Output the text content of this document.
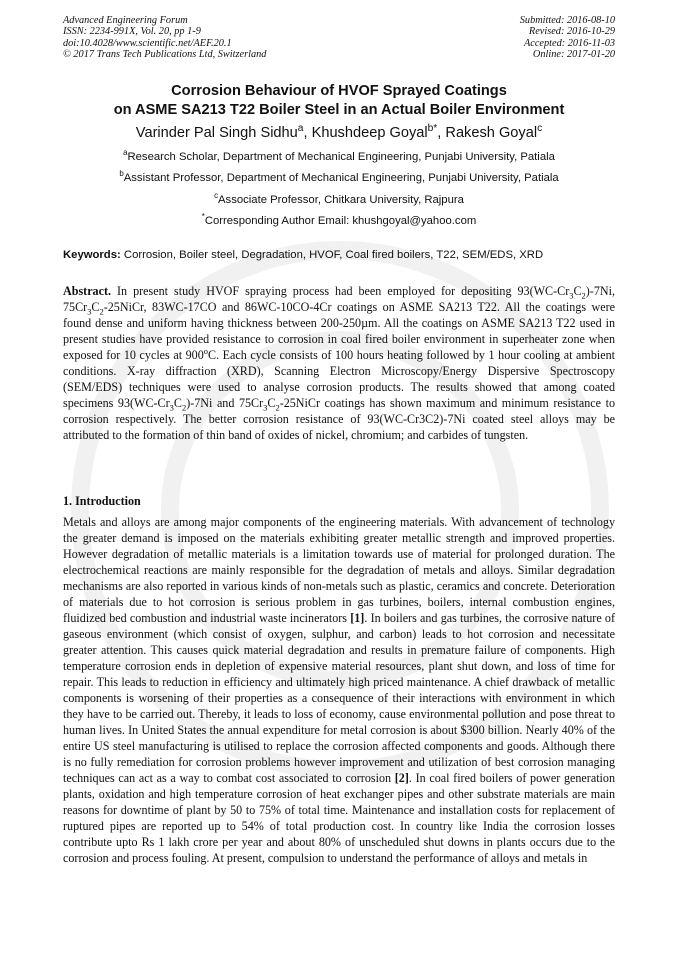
Advanced Engineering Forum
ISSN: 2234-991X, Vol. 20, pp 1-9
doi:10.4028/www.scientific.net/AEF.20.1
© 2017 Trans Tech Publications Ltd, Switzerland
Submitted: 2016-08-10
Revised: 2016-10-29
Accepted: 2016-11-03
Online: 2017-01-20
Corrosion Behaviour of HVOF Sprayed Coatings
on ASME SA213 T22 Boiler Steel in an Actual Boiler Environment
Varinder Pal Singh Sidhu$^a$, Khushdeep Goyal$^{b*}$, Rakesh Goyal$^c$
$^a$Research Scholar, Department of Mechanical Engineering, Punjabi University, Patiala
$^b$Assistant Professor, Department of Mechanical Engineering, Punjabi University, Patiala
$^c$Associate Professor, Chitkara University, Rajpura
*Corresponding Author Email: khushgoyal@yahoo.com
Keywords: Corrosion, Boiler steel, Degradation, HVOF, Coal fired boilers, T22, SEM/EDS, XRD

Abstract. In present study HVOF spraying process had been employed for depositing $93(WC-Cr_3C_2)-7Ni$, $75Cr_3C_2-25NiCr$, 83WC-17CO and 86WC-10CO-4Cr coatings on ASME SA213 T22. All the coatings were found dense and uniform having thickness between 200-250µm. All the coatings on ASME SA213 T22 used in present studies have provided resistance to corrosion in coal fired boiler environment in superheater zone when exposed for 10 cycles at 900$^o$C. Each cycle consists of 100 hours heating followed by 1 hour cooling at ambient conditions. X-ray diffraction (XRD), Scanning Electron Microscopy/Energy Dispersive Spectroscopy (SEM/EDS) techniques were used to analyse corrosion products. The results showed that among coated specimens $93(WC-Cr_3C_2)-7Ni$ and $75Cr_3C_2-25NiCr$ coatings has shown maximum and minimum resistance to corrosion respectively. The better corrosion resistance of 93(WC-Cr3C2)-7Ni coated steel alloys may be attributed to the formation of thin band of oxides of nickel, chromium; and carbides of tungsten.

1. Introduction

Metals and alloys are among major components of the engineering materials. With advancement of technology the greater demand is imposed on the materials exhibiting greater metallic strength and improved properties. However degradation of metallic materials is a limitation towards use of material for prolonged duration. The electrochemical reactions are mainly responsible for the degradation of metals and alloys. Similar degradation mechanisms are also reported in various kinds of non-metals such as plastic, ceramics and concrete. Deterioration of materials due to hot corrosion is serious problem in gas turbines, boilers, internal combustion engines, fluidized bed combustion and industrial waste incinerators [1]. In boilers and gas turbines, the corrosive nature of gaseous environment (which consist of oxygen, sulphur, and carbon) leads to hot corrosion and necessitate greater attention. This causes quick material degradation and results in premature failure of components. High temperature corrosion ends in depletion of expensive material resources, plant shut down, and loss of time for repair. This leads to reduction in efficiency and ultimately high priced maintenance. A chief drawback of metallic components is worsening of their properties as a consequence of their interactions with environment in which they have to be carried out. Thereby, it leads to loss of economy, cause environmental pollution and pose threat to human lives. In United States the annual expenditure for metal corrosion is about $300 billion. Nearly 40% of the entire US steel manufacturing is utilised to replace the corrosion affected components and goods. Although there is no fully remediation for corrosion problems however improvement and utilization of best corrosion managing techniques can act as a way to combat cost associated to corrosion [2]. In coal fired boilers of power generation plants, oxidation and high temperature corrosion of heat exchanger pipes and other substrate materials are main reasons for downtime of plant by 50 to 75% of total time. Maintenance and installation costs for replacement of ruptured pipes are reported up to 54% of total production cost. In country like India the corrosion losses contribute upto Rs 1 lakh crore per year and about 80% of unscheduled shut downs in plants occurs due to the corrosion and process fouling. At present, compulsion to understand the performance of alloys and metals in
